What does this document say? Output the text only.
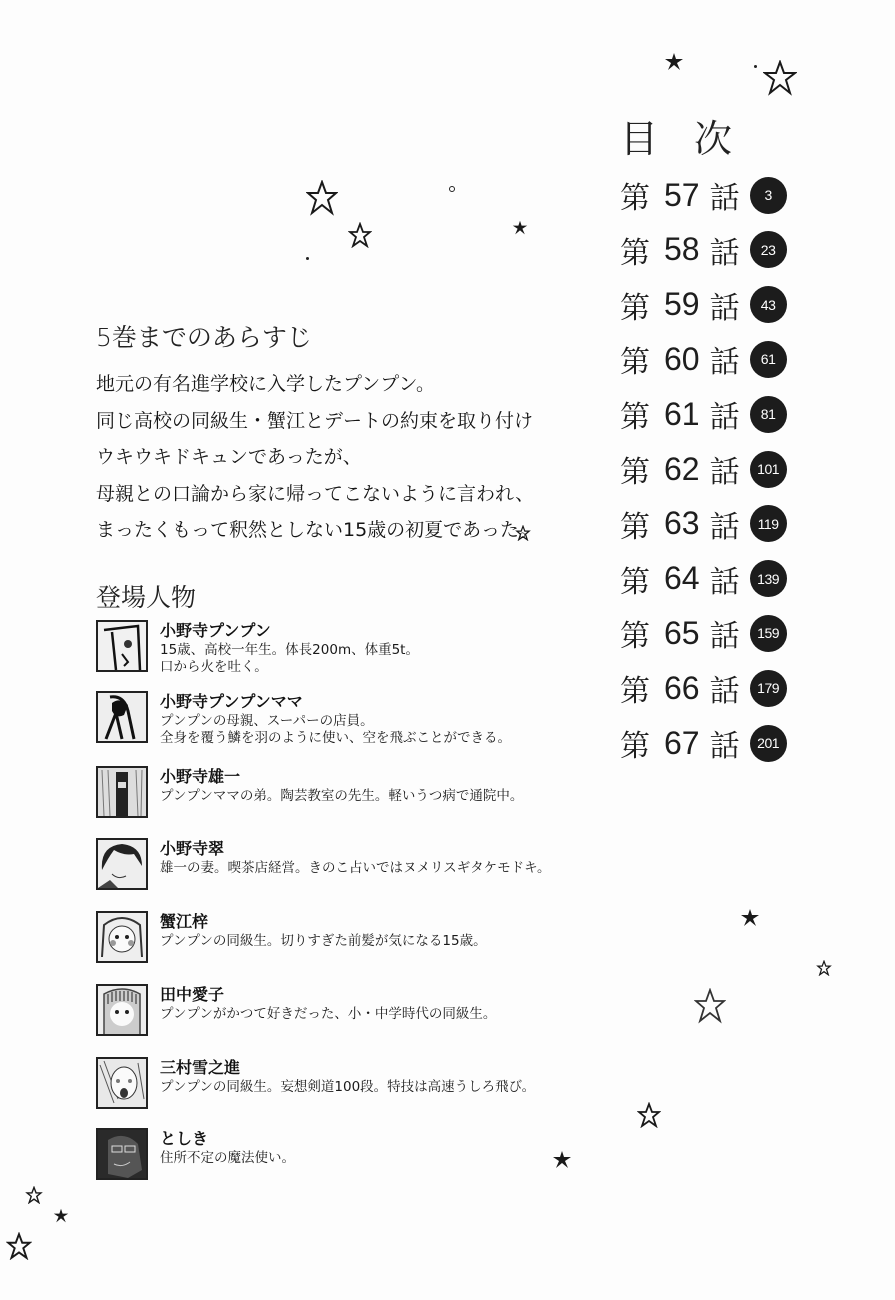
目次
第 57 話	3
第 58 話	23
第 59 話	43
第 60 話	61
第 61 話	81
第 62 話	101
第 63 話	119
第 64 話	139
第 65 話	159
第 66 話	179
第 67 話	201
5巻までのあらすじ
地元の有名進学校に入学したプンプン。
同じ高校の同級生・蟹江とデートの約束を取り付け
ウキウキドキュンであったが、
母親との口論から家に帰ってこないように言われ、
まったくもって釈然としない15歳の初夏であった。
登場人物
小野寺プンプン
15歳、高校一年生。体長200m、体重5t。
口から火を吐く。
小野寺プンプンママ
プンプンの母親、スーパーの店員。
全身を覆う鱗を羽のように使い、空を飛ぶことができる。
小野寺雄一
プンプンママの弟。陶芸教室の先生。軽いうつ病で通院中。
小野寺翠
雄一の妻。喫茶店経営。きのこ占いではヌメリスギタケモドキ。
蟹江梓
プンプンの同級生。切りすぎた前髪が気になる15歳。
田中愛子
プンプンがかつて好きだった、小・中学時代の同級生。
三村雪之進
プンプンの同級生。妄想剣道100段。特技は高速うしろ飛び。
としき
住所不定の魔法使い。
